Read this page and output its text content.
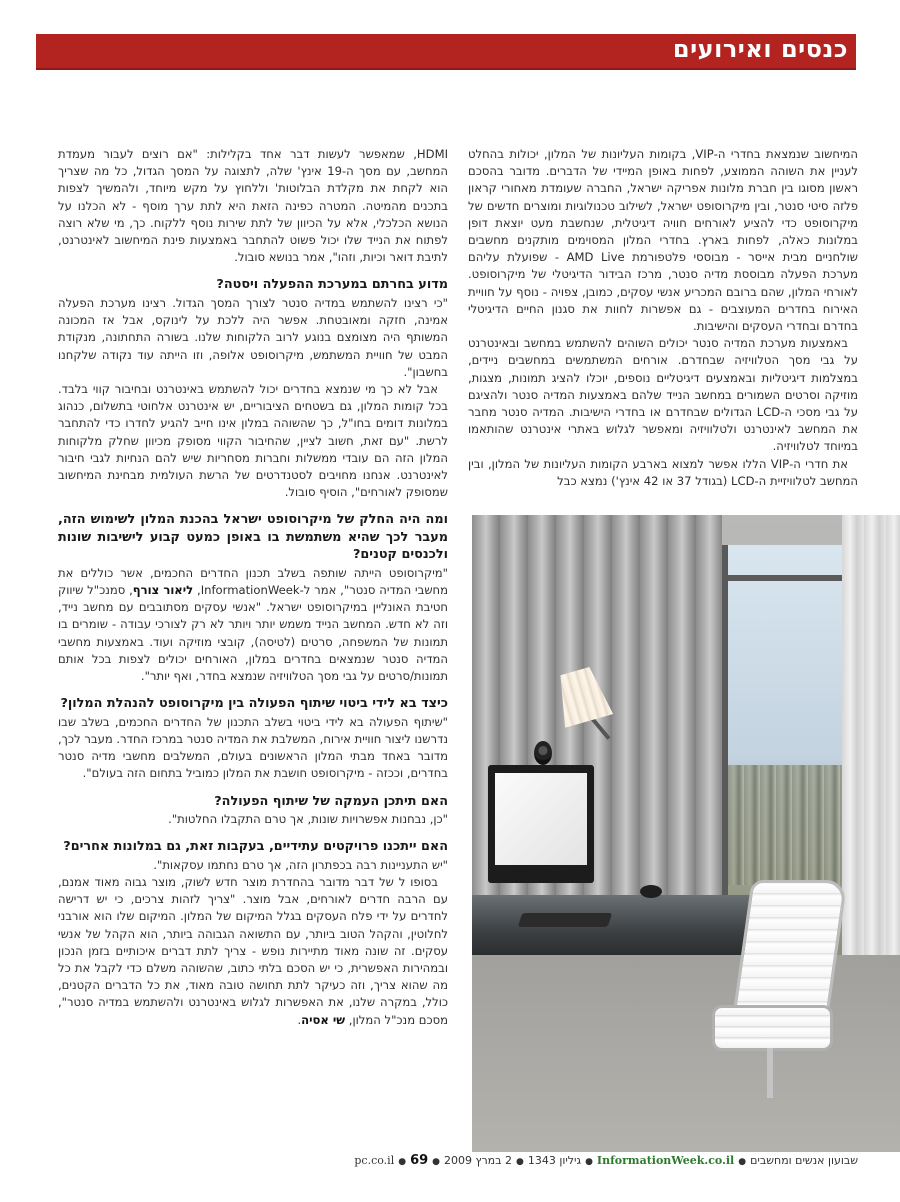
כנסים ואירועים

המיחשוב שנמצאת בחדרי ה-VIP, בקומות העליונות של המלון, יכולות בהחלט לעניין את השוהה הממוצע, לפחות באופן המיידי של הדברים. מדובר בהסכם ראשון מסוגו בין חברת מלונות אפריקה ישראל, החברה שעומדת מאחורי קראון פלזה סיטי סנטר, ובין מיקרוסופט ישראל, לשילוב טכנולוגיות ומוצרים חדשים של מיקרוסופט כדי להציע לאורחים חוויה דיגיטלית, שנחשבת מעט יוצאת דופן במלונות כאלה, לפחות בארץ. בחדרי המלון המסוימים מותקנים מחשבים שולחניים מבית אייסר - מבוססי פלטפורמת AMD Live - שפועלת עליהם מערכת הפעלה מבוססת מדיה סנטר, מרכז הבידור הדיגיטלי של מיקרוסופט. לאורחי המלון, שהם ברובם המכריע אנשי עסקים, כמובן, צפויה - נוסף על חוויית האירוח בחדרים המעוצבים - גם אפשרות לחוות את סגנון החיים הדיגיטלי בחדרם ובחדרי העסקים והישיבות.

באמצעות מערכת המדיה סנטר יכולים השוהים להשתמש במחשב ובאינטרנט על גבי מסך הטלוויזיה שבחדרם. אורחים המשתמשים במחשבים ניידים, במצלמות דיגיטליות ובאמצעים דיגיטליים נוספים, יוכלו להציג תמונות, מצגות, מוזיקה וסרטים השמורים במחשב הנייד שלהם באמצעות המדיה סנטר ולהציגם על גבי מסכי ה-LCD הגדולים שבחדרם או בחדרי הישיבות. המדיה סנטר מחבר את המחשב לאינטרנט ולטלוויזיה ומאפשר לגלוש באתרי אינטרנט שהותאמו במיוחד לטלוויזיה.

את חדרי ה-VIP הללו אפשר למצוא בארבע הקומות העליונות של המלון, ובין המחשב לטלוויזיית ה-LCD (בגודל 37 או 42 אינץ') נמצא כבל

HDMI, שמאפשר לעשות דבר אחד בקלילות: "אם רוצים לעבור מעמדת המחשב, עם מסך ה-19 אינץ' שלה, לתצוגה על המסך הגדול, כל מה שצריך הוא לקחת את מקלדת הבלוטות' וללחוץ על מקש מיוחד, ולהמשיך לצפות בתכנים מהמיטה. המטרה כפינה הזאת היא לתת ערך מוסף - לא הכלנו על הנושא הכלכלי, אלא על הכיוון של לתת שירות נוסף ללקוח. כך, מי שלא רוצה לפתוח את הנייד שלו יכול פשוט להתחבר באמצעות פינת המיחשוב לאינטרנט, לתיבת דואר וכיות, וזהו", אמר בנושא סובול.

מדוע בחרתם במערכת ההפעלה ויסטה?

"כי רצינו להשתמש במדיה סנטר לצורך המסך הגדול. רצינו מערכת הפעלה אמינה, חזקה ומאובטחת. אפשר היה ללכת על לינוקס, אבל אז המכונה המשותף היה מצומצם בנוגע לרוב הלקוחות שלנו. בשורה התחתונה, מנקודת המבט של חוויית המשתמש, מיקרוסופט אלופה, וזו הייתה עוד נקודה שלקחנו בחשבון".

אבל לא כך מי שנמצא בחדרים יכול להשתמש באינטרנט ובחיבור קווי בלבד. בכל קומות המלון, גם בשטחים הציבוריים, יש אינטרנט אלחוטי בתשלום, כנהוג במלונות דומים בחו"ל, כך שהשוהה במלון אינו חייב להגיע לחדרו כדי להתחבר לרשת. "עם זאת, חשוב לציין, שהחיבור הקווי מסופק מכיוון שחלק מלקוחות המלון הזה הם עובדי ממשלות וחברות מסחריות שיש להם הנחיות לגבי חיבור לאינטרנט. אנחנו מחויבים לסטנדרטים של הרשת העולמית מבחינת המיחשוב שמסופק לאורחים", הוסיף סובול.

ומה היה החלק של מיקרוסופט ישראל בהכנת המלון לשימוש הזה, מעבר לכך שהיא משתמשת בו באופן כמעט קבוע לישיבות שונות ולכנסים קטנים?

"מיקרוסופט הייתה שותפה בשלב תכנון החדרים החכמים, אשר כוללים את מחשבי המדיה סנטר", אמר ל-InformationWeek, ליאור צורף, סמנכ"ל שיווק חטיבת האונליין במיקרוסופט ישראל. "אנשי עסקים מסתובבים עם מחשב נייד, וזה לא חדש. המחשב הנייד משמש יותר ויותר לא רק לצורכי עבודה - שומרים בו תמונות של המשפחה, סרטים (לטיסה), קובצי מוזיקה ועוד. באמצעות מחשבי המדיה סנטר שנמצאים בחדרים במלון, האורחים יכולים לצפות בכל אותם תמונות/סרטים על גבי מסך הטלוויזיה שנמצא בחדר, ואף יותר".

כיצד בא לידי ביטוי שיתוף הפעולה בין מיקרוסופט להנהלת המלון?

"שיתוף הפעולה בא לידי ביטוי בשלב התכנון של החדרים החכמים, בשלב שבו נדרשנו ליצור חוויית אירוח, המשלבת את המדיה סנטר במרכז החדר. מעבר לכך, מדובר באחד מבתי המלון הראשונים בעולם, המשלבים מחשבי מדיה סנטר בחדרים, וככזה - מיקרוסופט חושבת את המלון כמוביל בתחום הזה בעולם".

האם תיתכן העמקה של שיתוף הפעולה?

"כן, נבחנות אפשרויות שונות, אך טרם התקבלו החלטות".

האם ייתכנו פרויקטים עתידיים, בעקבות זאת, גם במלונות אחרים?

"יש התעניינות רבה בכפתרון הזה, אך טרם נחתמו עסקאות".

בסופו ל של דבר מדובר בהחדרת מוצר חדש לשוק, מוצר גבוה מאוד אמנם, עם הרבה חדרים לאורחים, אבל מוצר. "צריך לזהות צרכים, כי יש דרישה לחדרים על ידי פלח העסקים בגלל המיקום של המלון. המיקום שלו הוא אורבני לחלוטין, והקהל הטוב ביותר, עם התשואה הגבוהה ביותר, הוא הקהל של אנשי עסקים. זה שונה מאוד מתיירות נופש - צריך לתת דברים איכותיים בזמן הנכון ובמהירות האפשרית, כי יש הסכם בלתי כתוב, שהשוהה משלם כדי לקבל את כל מה שהוא צריך, וזה כעיקר לתת תחושה טובה מאוד, את כל הדברים הקטנים, כולל, במקרה שלנו, את האפשרות לגלוש באינטרנט ולהשתמש במדיה סנטר", מסכם מנכ"ל המלון, שי אסיה.

שבועון אנשים ומחשבים●InformationWeek.co.il●גיליון 1343●2 במרץ 2009●pc.co.il ● 69
